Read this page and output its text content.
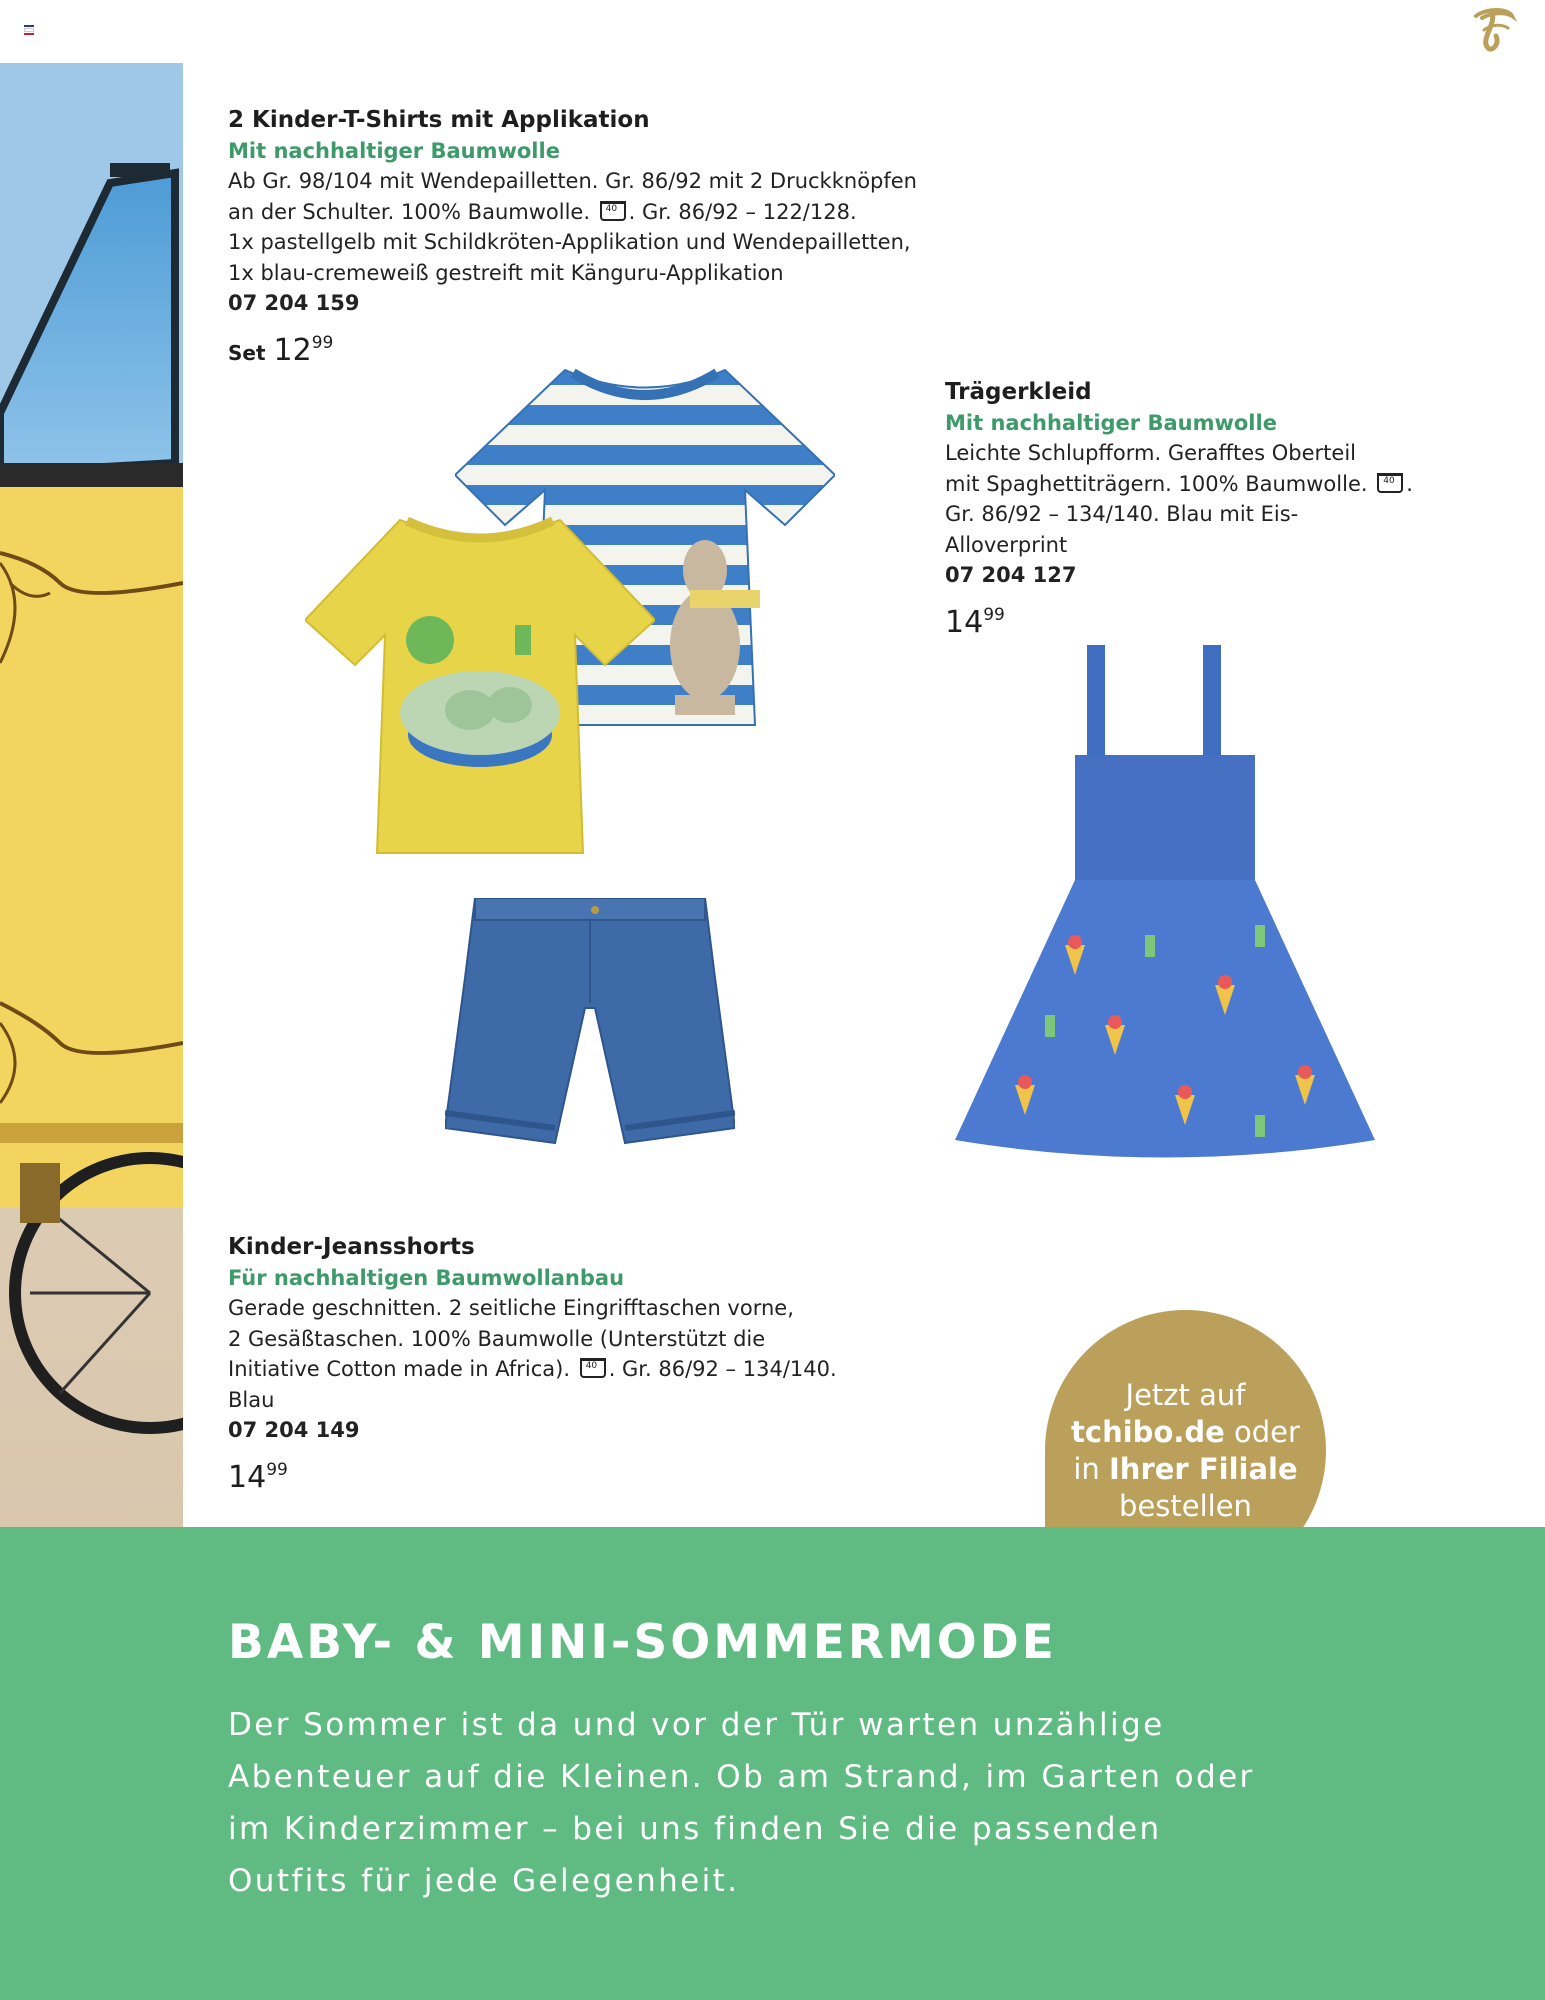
2 Kinder-T-Shirts mit Applikation
Mit nachhaltiger Baumwolle
Ab Gr. 98/104 mit Wendepailletten. Gr. 86/92 mit 2 Druckknöpfen
an der Schulter. 100% Baumwolle. 40. Gr. 86/92 – 122/128.
1x pastellgelb mit Schildkröten-Applikation und Wendepailletten,
1x blau-cremeweiß gestreift mit Känguru-Applikation
07 204 159
Set $12^{99}$
Trägerkleid
Mit nachhaltiger Baumwolle
Leichte Schlupfform. Gerafftes Oberteil
mit Spaghettiträgern. 100% Baumwolle. 40.
Gr. 86/92 – 134/140. Blau mit Eis-Alloverprint
07 204 127
$14^{99}$
Kinder-Jeansshorts
Für nachhaltigen Baumwollanbau
Gerade geschnitten. 2 seitliche Eingrifftaschen vorne,
2 Gesäßtaschen. 100% Baumwolle (Unterstützt die
Initiative Cotton made in Africa). 40. Gr. 86/92 – 134/140.
Blau
07 204 149
$14^{99}$
Jetzt auf
tchibo.de oder
in Ihrer Filiale
bestellen
BABY- & MINI-SOMMERMODE
Der Sommer ist da und vor der Tür warten unzählige
Abenteuer auf die Kleinen. Ob am Strand, im Garten oder
im Kinderzimmer – bei uns finden Sie die passenden
Outfits für jede Gelegenheit.
